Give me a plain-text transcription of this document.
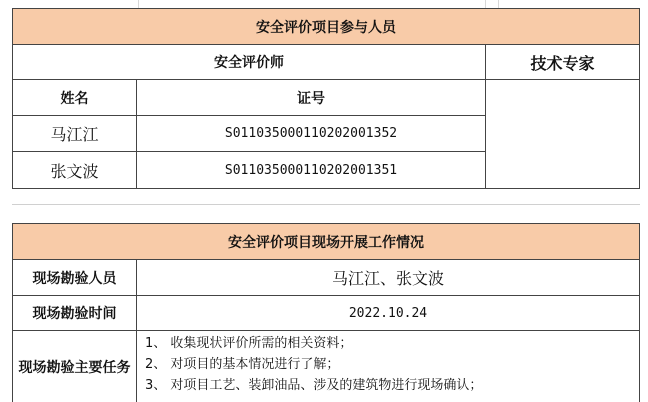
安全评价项目参与人员
安全评价师	技术专家
姓名	证号
马江江	S011035000110202001352
张文波	S011035000110202001351
安全评价项目现场开展工作情况
现场勘验人员	马江江、张文波
现场勘验时间	2022.10.24
现场勘验主要任务
1、 收集现状评价所需的相关资料；
2、 对项目的基本情况进行了解；
3、 对项目工艺、装卸油品、涉及的建筑物进行现场确认；
